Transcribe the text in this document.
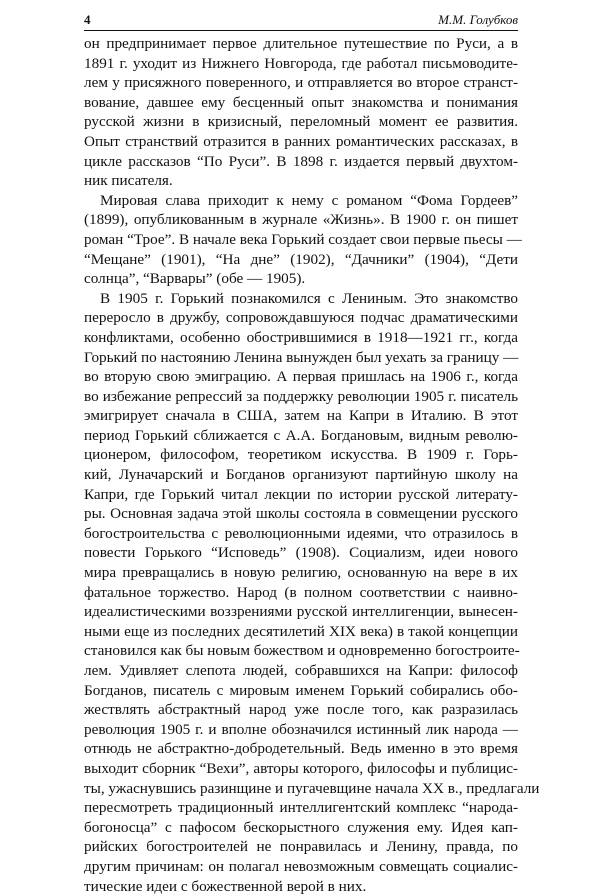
4	М.М. Голубков
он предпринимает первое длительное путешествие по Руси, а в
1891 г. уходит из Нижнего Новгорода, где работал письмоводите-
лем у присяжного поверенного, и отправляется во второе странст-
вование, давшее ему бесценный опыт знакомства и понимания
русской жизни в кризисный, переломный момент ее развития.
Опыт странствий отразится в ранних романтических рассказах, в
цикле рассказов “По Руси”. В 1898 г. издается первый двухтом-
ник писателя.
Мировая слава приходит к нему с романом “Фома Гордеев”
(1899), опубликованным в журнале «Жизнь». В 1900 г. он пишет
роман “Трое”. В начале века Горький создает свои первые пьесы —
“Мещане” (1901), “На дне” (1902), “Дачники” (1904), “Дети
солнца”, “Варвары” (обе — 1905).
В 1905 г. Горький познакомился с Лениным. Это знакомство
переросло в дружбу, сопровождавшуюся подчас драматическими
конфликтами, особенно обострившимися в 1918—1921 гг., когда
Горький по настоянию Ленина вынужден был уехать за границу —
во вторую свою эмиграцию. А первая пришлась на 1906 г., когда
во избежание репрессий за поддержку революции 1905 г. писатель
эмигрирует сначала в США, затем на Капри в Италию. В этот
период Горький сближается с А.А. Богдановым, видным револю-
ционером, философом, теоретиком искусства. В 1909 г. Горь-
кий, Луначарский и Богданов организуют партийную школу на
Капри, где Горький читал лекции по истории русской литерату-
ры. Основная задача этой школы состояла в совмещении русского
богостроительства с революционными идеями, что отразилось в
повести Горького “Исповедь” (1908). Социализм, идеи нового
мира превращались в новую религию, основанную на вере в их
фатальное торжество. Народ (в полном соответствии с наивно-
идеалистическими воззрениями русской интеллигенции, вынесен-
ными еще из последних десятилетий XIX века) в такой концепции
становился как бы новым божеством и одновременно богостроите-
лем. Удивляет слепота людей, собравшихся на Капри: философ
Богданов, писатель с мировым именем Горький собирались обо-
жествлять абстрактный народ уже после того, как разразилась
революция 1905 г. и вполне обозначился истинный лик народа —
отнюдь не абстрактно-добродетельный. Ведь именно в это время
выходит сборник “Вехи”, авторы которого, философы и публицис-
ты, ужаснувшись разинщине и пугачевщине начала XX в., предлагали
пересмотреть традиционный интеллигентский комплекс “народа-
богоносца” с пафосом бескорыстного служения ему. Идея кап-
рийских богостроителей не понравилась и Ленину, правда, по
другим причинам: он полагал невозможным совмещать социалис-
тические идеи с божественной верой в них.
